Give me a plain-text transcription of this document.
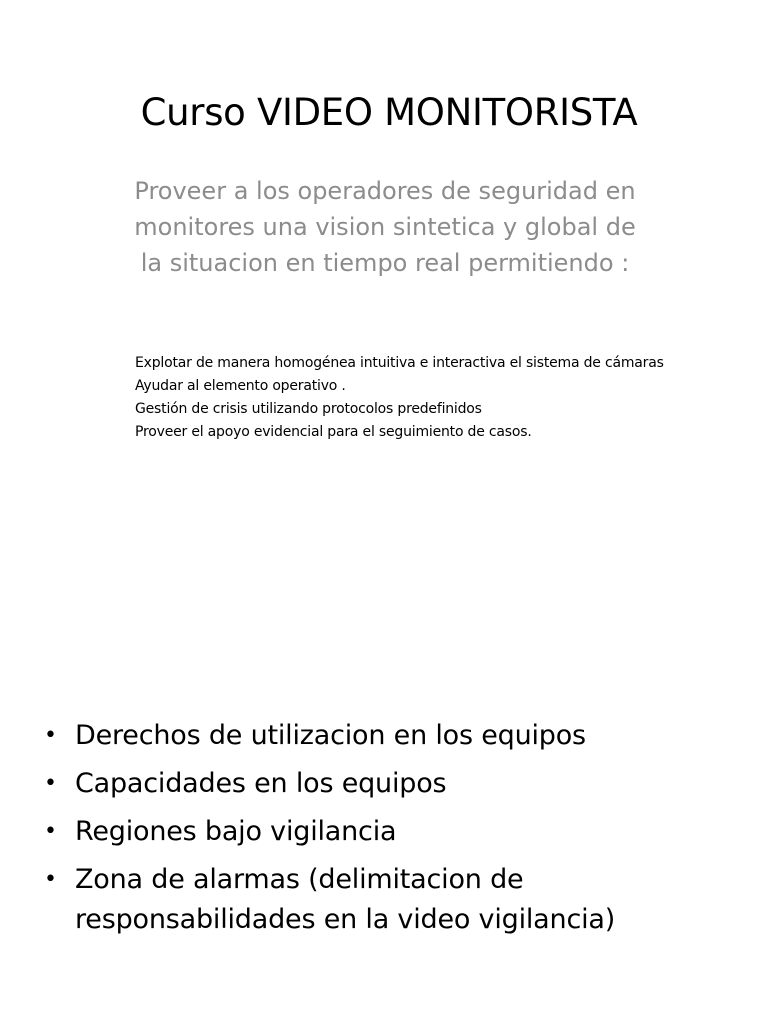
Curso VIDEO MONITORISTA
Proveer a los operadores de seguridad en
monitores una vision sintetica y global de
la situacion en tiempo real permitiendo :
Explotar de manera homogénea intuitiva e interactiva el sistema de cámaras
Ayudar al elemento operativo .
Gestión de crisis utilizando protocolos predefinidos
Proveer el apoyo evidencial para el seguimiento de casos.
• Derechos de utilizacion en los equipos
• Capacidades en los equipos
• Regiones bajo vigilancia
• Zona de alarmas (delimitacion de
responsabilidades en la video vigilancia)
